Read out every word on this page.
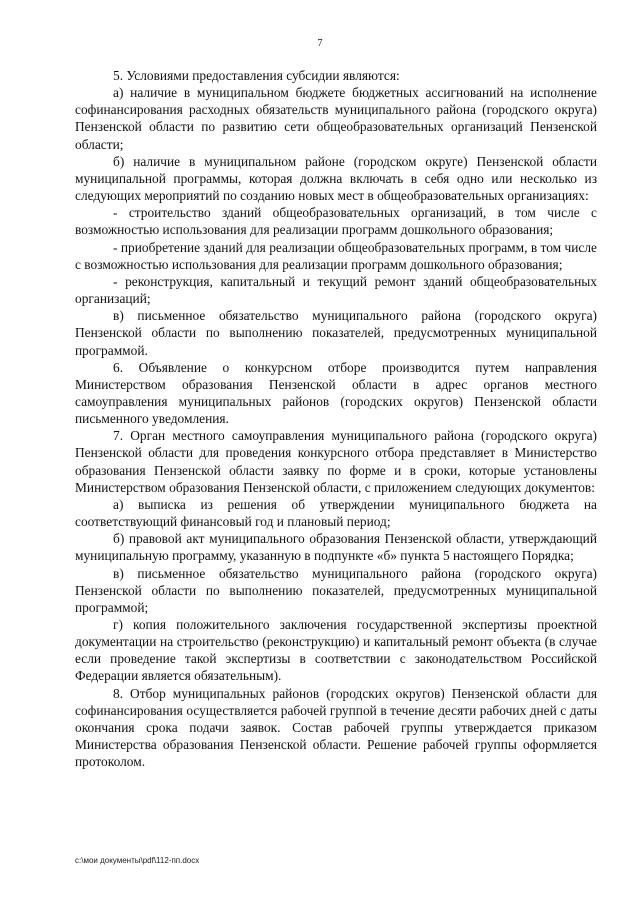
7

5. Условиями предоставления субсидии являются:

а) наличие в муниципальном бюджете бюджетных ассигнований на исполнение софинансирования расходных обязательств муниципального района (городского округа) Пензенской области по развитию сети общеобразовательных организаций Пензенской области;

б) наличие в муниципальном районе (городском округе) Пензенской области муниципальной программы, которая должна включать в себя одно или несколько из следующих мероприятий по созданию новых мест в общеобразовательных организациях:

- строительство зданий общеобразовательных организаций, в том числе с возможностью использования для реализации программ дошкольного образования;

- приобретение зданий для реализации общеобразовательных программ, в том числе с возможностью использования для реализации программ дошкольного образования;

- реконструкция, капитальный и текущий ремонт зданий общеобразовательных организаций;

в) письменное обязательство муниципального района (городского округа) Пензенской области по выполнению показателей, предусмотренных муниципальной программой.

6. Объявление о конкурсном отборе производится путем направления Министерством образования Пензенской области в адрес органов местного самоуправления муниципальных районов (городских округов) Пензенской области письменного уведомления.

7. Орган местного самоуправления муниципального района (городского округа) Пензенской области для проведения конкурсного отбора представляет в Министерство образования Пензенской области заявку по форме и в сроки, которые установлены Министерством образования Пензенской области, с приложением следующих документов:

а) выписка из решения об утверждении муниципального бюджета на соответствующий финансовый год и плановый период;

б) правовой акт муниципального образования Пензенской области, утверждающий муниципальную программу, указанную в подпункте «б» пункта 5 настоящего Порядка;

в) письменное обязательство муниципального района (городского округа) Пензенской области по выполнению показателей, предусмотренных муниципальной программой;

г) копия положительного заключения государственной экспертизы проектной документации на строительство (реконструкцию) и капитальный ремонт объекта (в случае если проведение такой экспертизы в соответствии с законодательством Российской Федерации является обязательным).

8. Отбор муниципальных районов (городских округов) Пензенской области для софинансирования осуществляется рабочей группой в течение десяти рабочих дней с даты окончания срока подачи заявок. Состав рабочей группы утверждается приказом Министерства образования Пензенской области. Решение рабочей группы оформляется протоколом.

c:\мои документы\pdf\112-пп.docx
